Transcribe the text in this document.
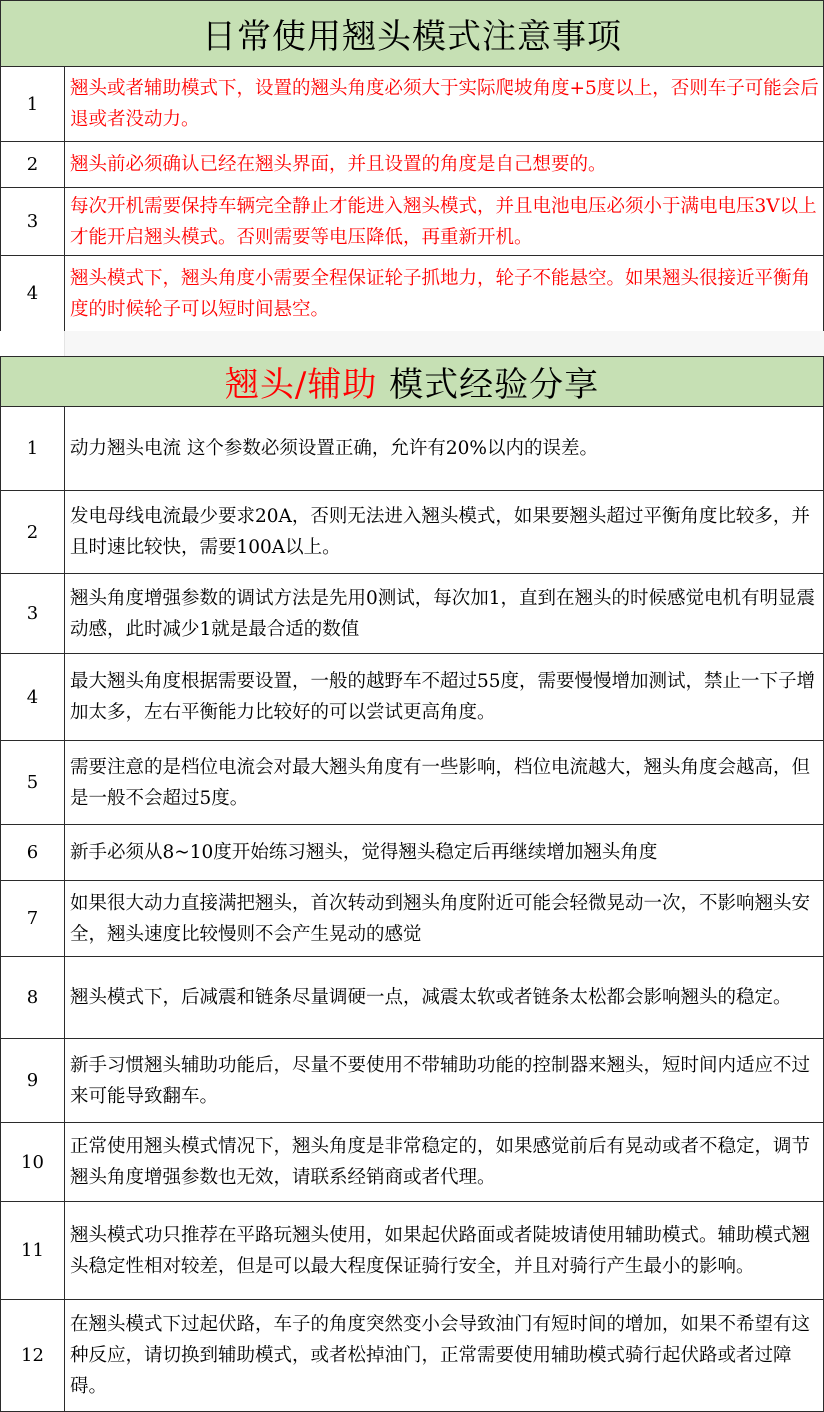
日常使用翘头模式注意事项	
1	翘头或者辅助模式下，设置的翘头角度必须大于实际爬坡角度+5度以上，否则车子可能会后退或者没动力。
2	翘头前必须确认已经在翘头界面，并且设置的角度是自己想要的。
3	每次开机需要保持车辆完全静止才能进入翘头模式，并且电池电压必须小于满电电压3V以上才能开启翘头模式。否则需要等电压降低，再重新开机。
4	翘头模式下，翘头角度小需要全程保证轮子抓地力，轮子不能悬空。如果翘头很接近平衡角度的时候轮子可以短时间悬空。
翘头/辅助 模式经验分享	
1	动力翘头电流 这个参数必须设置正确，允许有20%以内的误差。
2	发电母线电流最少要求20A，否则无法进入翘头模式，如果要翘头超过平衡角度比较多，并且时速比较快，需要100A以上。
3	翘头角度增强参数的调试方法是先用0测试，每次加1，直到在翘头的时候感觉电机有明显震动感，此时减少1就是最合适的数值
4	最大翘头角度根据需要设置，一般的越野车不超过55度，需要慢慢增加测试，禁止一下子增加太多，左右平衡能力比较好的可以尝试更高角度。
5	需要注意的是档位电流会对最大翘头角度有一些影响，档位电流越大，翘头角度会越高，但是一般不会超过5度。
6	新手必须从8~10度开始练习翘头，觉得翘头稳定后再继续增加翘头角度
7	如果很大动力直接满把翘头，首次转动到翘头角度附近可能会轻微晃动一次，不影响翘头安全，翘头速度比较慢则不会产生晃动的感觉
8	翘头模式下，后减震和链条尽量调硬一点，减震太软或者链条太松都会影响翘头的稳定。
9	新手习惯翘头辅助功能后，尽量不要使用不带辅助功能的控制器来翘头，短时间内适应不过来可能导致翻车。
10	正常使用翘头模式情况下，翘头角度是非常稳定的，如果感觉前后有晃动或者不稳定，调节翘头角度增强参数也无效，请联系经销商或者代理。
11	翘头模式功只推荐在平路玩翘头使用，如果起伏路面或者陡坡请使用辅助模式。辅助模式翘头稳定性相对较差，但是可以最大程度保证骑行安全，并且对骑行产生最小的影响。
12	在翘头模式下过起伏路，车子的角度突然变小会导致油门有短时间的增加，如果不希望有这种反应，请切换到辅助模式，或者松掉油门，正常需要使用辅助模式骑行起伏路或者过障碍。
